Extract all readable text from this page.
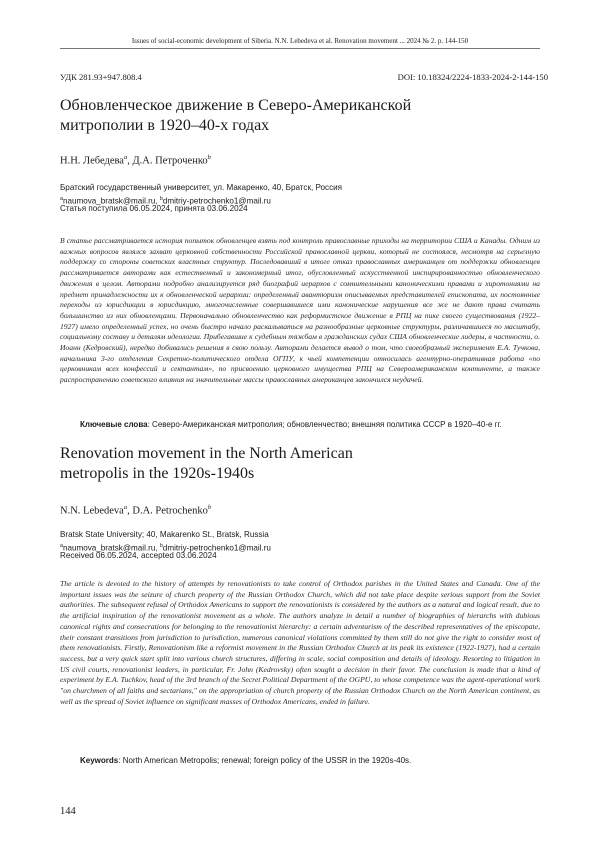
Issues of social-economic development of Siberia. N.N. Lebedeva et al. Renovation movement ... 2024 № 2. p. 144-150
УДК 281.93+947.808.4	DOI: 10.18324/2224-1833-2024-2-144-150
Обновленческое движение в Северо-Американской
митрополии в 1920–40-х годах
Н.Н. Лебедева$^a$, Д.А. Петроченко$^b$
Братский государственный университет, ул. Макаренко, 40, Братск, Россия
$^a$naumova_bratsk@mail.ru, $^b$dmitriy-petrochenko1@mail.ru
Статья поступила 06.05.2024, принята 03.06.2024

В статье рассматривается история попыток обновленцев взять под контроль православные приходы на территории США и Канады. Одним из важных вопросов являлся захват церковной собственности Российской православной церкви, который не состоялся, несмотря на серьезную поддержку со стороны советских властных структур. Последовавший в итоге отказ православных американцев от поддержки обновленцев рассматривается авторами как естественный и закономерный итог, обусловленный искусственной инспирированностью обновленческого движения в целом. Авторами подробно анализируется ряд биографий иерархов с сомнительными каноническими правами и хиротониями на предмет принадлежности их к обновленческой иерархии: определенный авантюризм описываемых представителей епископата, их постоянные переходы из юрисдикции в юрисдикцию, многочисленные совершавшиеся ими канонические нарушения все же не дают права считать большинство из них обновленцами. Первоначально обновленчество как реформистское движение в РПЦ на пике своего существования (1922–1927) имело определенный успех, но очень быстро начало раскалываться на разнообразные церковные структуры, различавшиеся по масштабу, социальному составу и деталям идеологии. Прибегавшие к судебным тяжбам в гражданских судах США обновленческие лидеры, в частности, о. Иоанн (Кедровский), нередко добивались решения в свою пользу. Авторами делается вывод о том, что своеобразный эксперимент Е.А. Тучкова, начальника 3-го отделения Секретно-политического отдела ОГПУ, к чьей компетенции относилась агентурно-оперативная работа «по церковникам всех конфессий и сектантам», по присвоению церковного имущества РПЦ на Североамериканском континенте, а также распространению советского влияния на значительные массы православных американцев закончился неудачей.

Ключевые слова: Северо-Американская митрополия; обновленчество; внешняя политика СССР в 1920–40-е гг.
Renovation movement in the North American
metropolis in the 1920s-1940s
N.N. Lebedeva$^a$, D.A. Petrochenko$^b$
Bratsk State University; 40, Makarenko St., Bratsk, Russia
$^a$naumova_bratsk@mail.ru, $^b$dmitriy-petrochenko1@mail.ru
Received 06.05.2024, accepted 03.06.2024

The article is devoted to the history of attempts by renovationists to take control of Orthodox parishes in the United States and Canada. One of the important issues was the seizure of church property of the Russian Orthodox Church, which did not take place despite serious support from the Soviet authorities. The subsequent refusal of Orthodox Americans to support the renovationists is considered by the authors as a natural and logical result, due to the artificial inspiration of the renovationist movement as a whole. The authors analyze in detail a number of biographies of hierarchs with dubious canonical rights and consecrations for belonging to the renovationist hierarchy: a certain adventurism of the described representatives of the episcopate, their constant transitions from jurisdiction to jurisdiction, numerous canonical violations committed by them still do not give the right to consider most of them renovationists. Firstly, Renovationism like a reformist movement in the Russian Orthodox Church at its peak its existence (1922-1927), had a certain success, but a very quick start split into various church structures, differing in scale, social composition and details of ideology. Resorting to litigation in US civil courts, renovationist leaders, in particular, Fr. John (Kedrovsky) often sought a decision in their favor. The conclusion is made that a kind of experiment by E.A. Tuchkov, head of the 3rd branch of the Secret Political Department of the OGPU, to whose competence was the agent-operational work "on churchmen of all faiths and sectarians," on the appropriation of church property of the Russian Orthodox Church on the North American continent, as well as the spread of Soviet influence on significant masses of Orthodox Americans, ended in failure.

Keywords: North American Metropolis; renewal; foreign policy of the USSR in the 1920s-40s.
144
